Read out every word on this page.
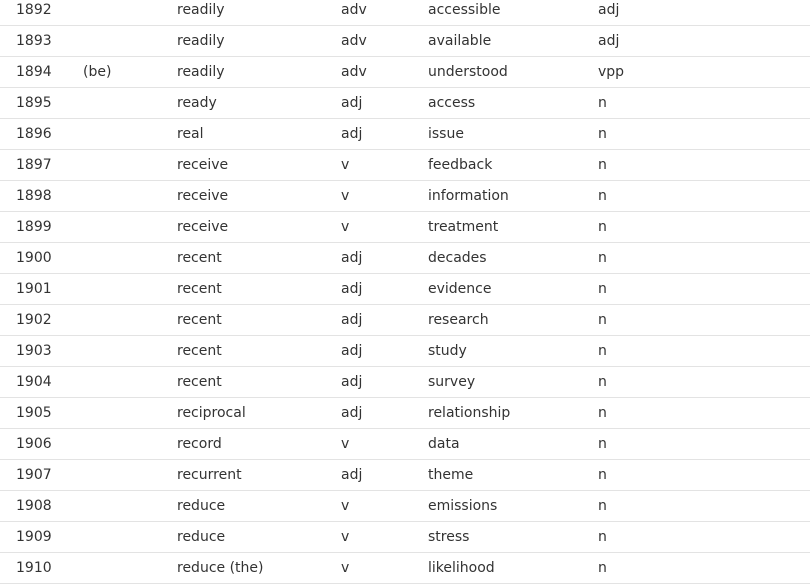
1892	readily	adv	accessible	adj
1893	readily	adv	available	adj
1894 (be)	readily	adv	understood	vpp
1895	ready	adj	access	n
1896	real	adj	issue	n
1897	receive	v	feedback	n
1898	receive	v	information	n
1899	receive	v	treatment	n
1900	recent	adj	decades	n
1901	recent	adj	evidence	n
1902	recent	adj	research	n
1903	recent	adj	study	n
1904	recent	adj	survey	n
1905	reciprocal	adj	relationship	n
1906	record	v	data	n
1907	recurrent	adj	theme	n
1908	reduce	v	emissions	n
1909	reduce	v	stress	n
1910	reduce (the)	v	likelihood	n
